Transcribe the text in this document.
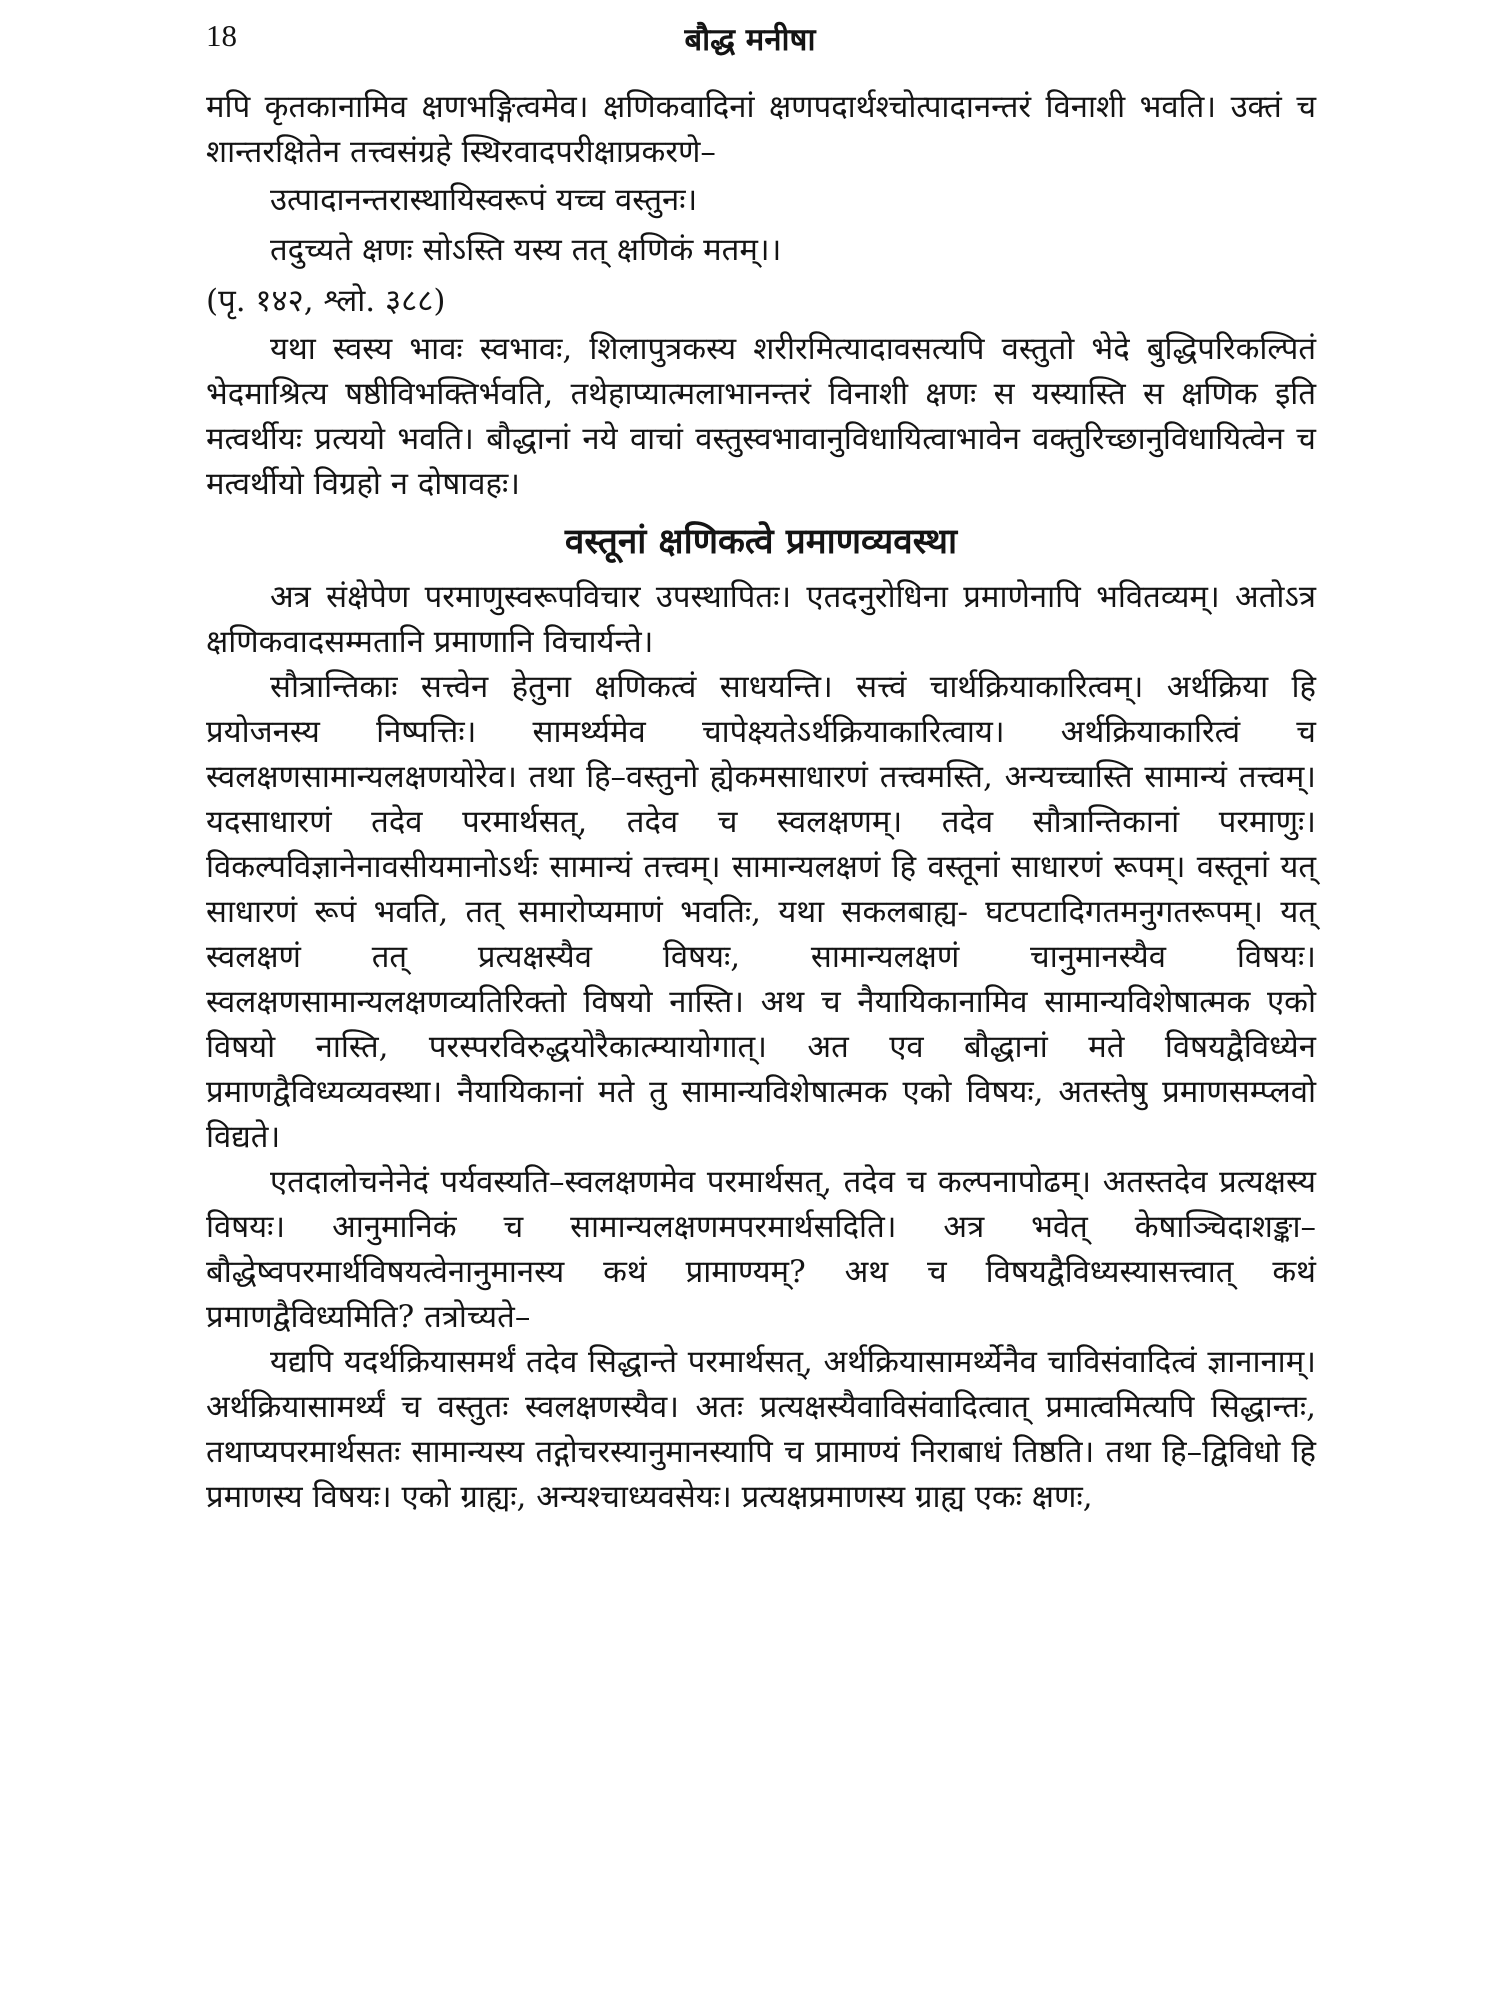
18	बौद्ध मनीषा

मपि कृतकानामिव क्षणभङ्गित्वमेव। क्षणिकवादिनां क्षणपदार्थश्चोत्पादानन्तरं विनाशी भवति। उक्तं च शान्तरक्षितेन तत्त्वसंग्रहे स्थिरवादपरीक्षाप्रकरणे–

उत्पादानन्तरास्थायिस्वरूपं यच्च वस्तुनः।
तदुच्यते क्षणः सोऽस्ति यस्य तत् क्षणिकं मतम्।।

(पृ. १४२, श्लो. ३८८)

यथा स्वस्य भावः स्वभावः, शिलापुत्रकस्य शरीरमित्यादावसत्यपि वस्तुतो भेदे बुद्धिपरिकल्पितं भेदमाश्रित्य षष्ठीविभक्तिर्भवति, तथेहाप्यात्मलाभानन्तरं विनाशी क्षणः स यस्यास्ति स क्षणिक इति मत्वर्थीयः प्रत्ययो भवति। बौद्धानां नये वाचां वस्तुस्वभावानुविधायित्वाभावेन वक्तुरिच्छानुविधायित्वेन च मत्वर्थीयो विग्रहो न दोषावहः।

वस्तूनां क्षणिकत्वे प्रमाणव्यवस्था

अत्र संक्षेपेण परमाणुस्वरूपविचार उपस्थापितः। एतदनुरोधिना प्रमाणेनापि भवितव्यम्। अतोऽत्र क्षणिकवादसम्मतानि प्रमाणानि विचार्यन्ते।

सौत्रान्तिकाः सत्त्वेन हेतुना क्षणिकत्वं साधयन्ति। सत्त्वं चार्थक्रियाकारित्वम्। अर्थक्रिया हि प्रयोजनस्य निष्पत्तिः। सामर्थ्यमेव चापेक्ष्यतेऽर्थक्रियाकारित्वाय। अर्थक्रियाकारित्वं च स्वलक्षणसामान्यलक्षणयोरेव। तथा हि–वस्तुनो ह्येकमसाधारणं तत्त्वमस्ति, अन्यच्चास्ति सामान्यं तत्त्वम्। यदसाधारणं तदेव परमार्थसत्, तदेव च स्वलक्षणम्। तदेव सौत्रान्तिकानां परमाणुः। विकल्पविज्ञानेनावसीयमानोऽर्थः सामान्यं तत्त्वम्। सामान्यलक्षणं हि वस्तूनां साधारणं रूपम्। वस्तूनां यत् साधारणं रूपं भवति, तत् समारोप्यमाणं भवतिः, यथा सकलबाह्य- घटपटादिगतमनुगतरूपम्। यत् स्वलक्षणं तत् प्रत्यक्षस्यैव विषयः, सामान्यलक्षणं चानुमानस्यैव विषयः। स्वलक्षणसामान्यलक्षणव्यतिरिक्तो विषयो नास्ति। अथ च नैयायिकानामिव सामान्यविशेषात्मक एको विषयो नास्ति, परस्परविरुद्धयोरैकात्म्यायोगात्। अत एव बौद्धानां मते विषयद्वैविध्येन प्रमाणद्वैविध्यव्यवस्था। नैयायिकानां मते तु सामान्यविशेषात्मक एको विषयः, अतस्तेषु प्रमाणसम्प्लवो विद्यते।

एतदालोचनेनेदं पर्यवस्यति–स्वलक्षणमेव परमार्थसत्, तदेव च कल्पनापोढम्। अतस्तदेव प्रत्यक्षस्य विषयः। आनुमानिकं च सामान्यलक्षणमपरमार्थसदिति। अत्र भवेत् केषाञ्चिदाशङ्का–बौद्धेष्वपरमार्थविषयत्वेनानुमानस्य कथं प्रामाण्यम्? अथ च विषयद्वैविध्यस्यासत्त्वात् कथं प्रमाणद्वैविध्यमिति? तत्रोच्यते–

यद्यपि यदर्थक्रियासमर्थं तदेव सिद्धान्ते परमार्थसत्, अर्थक्रियासामर्थ्येनैव चाविसंवादित्वं ज्ञानानाम्। अर्थक्रियासामर्थ्यं च वस्तुतः स्वलक्षणस्यैव। अतः प्रत्यक्षस्यैवाविसंवादित्वात् प्रमात्वमित्यपि सिद्धान्तः, तथाप्यपरमार्थसतः सामान्यस्य तद्गोचरस्यानुमानस्यापि च प्रामाण्यं निराबाधं तिष्ठति। तथा हि–द्विविधो हि प्रमाणस्य विषयः। एको ग्राह्यः, अन्यश्चाध्यवसेयः। प्रत्यक्षप्रमाणस्य ग्राह्य एकः क्षणः,
